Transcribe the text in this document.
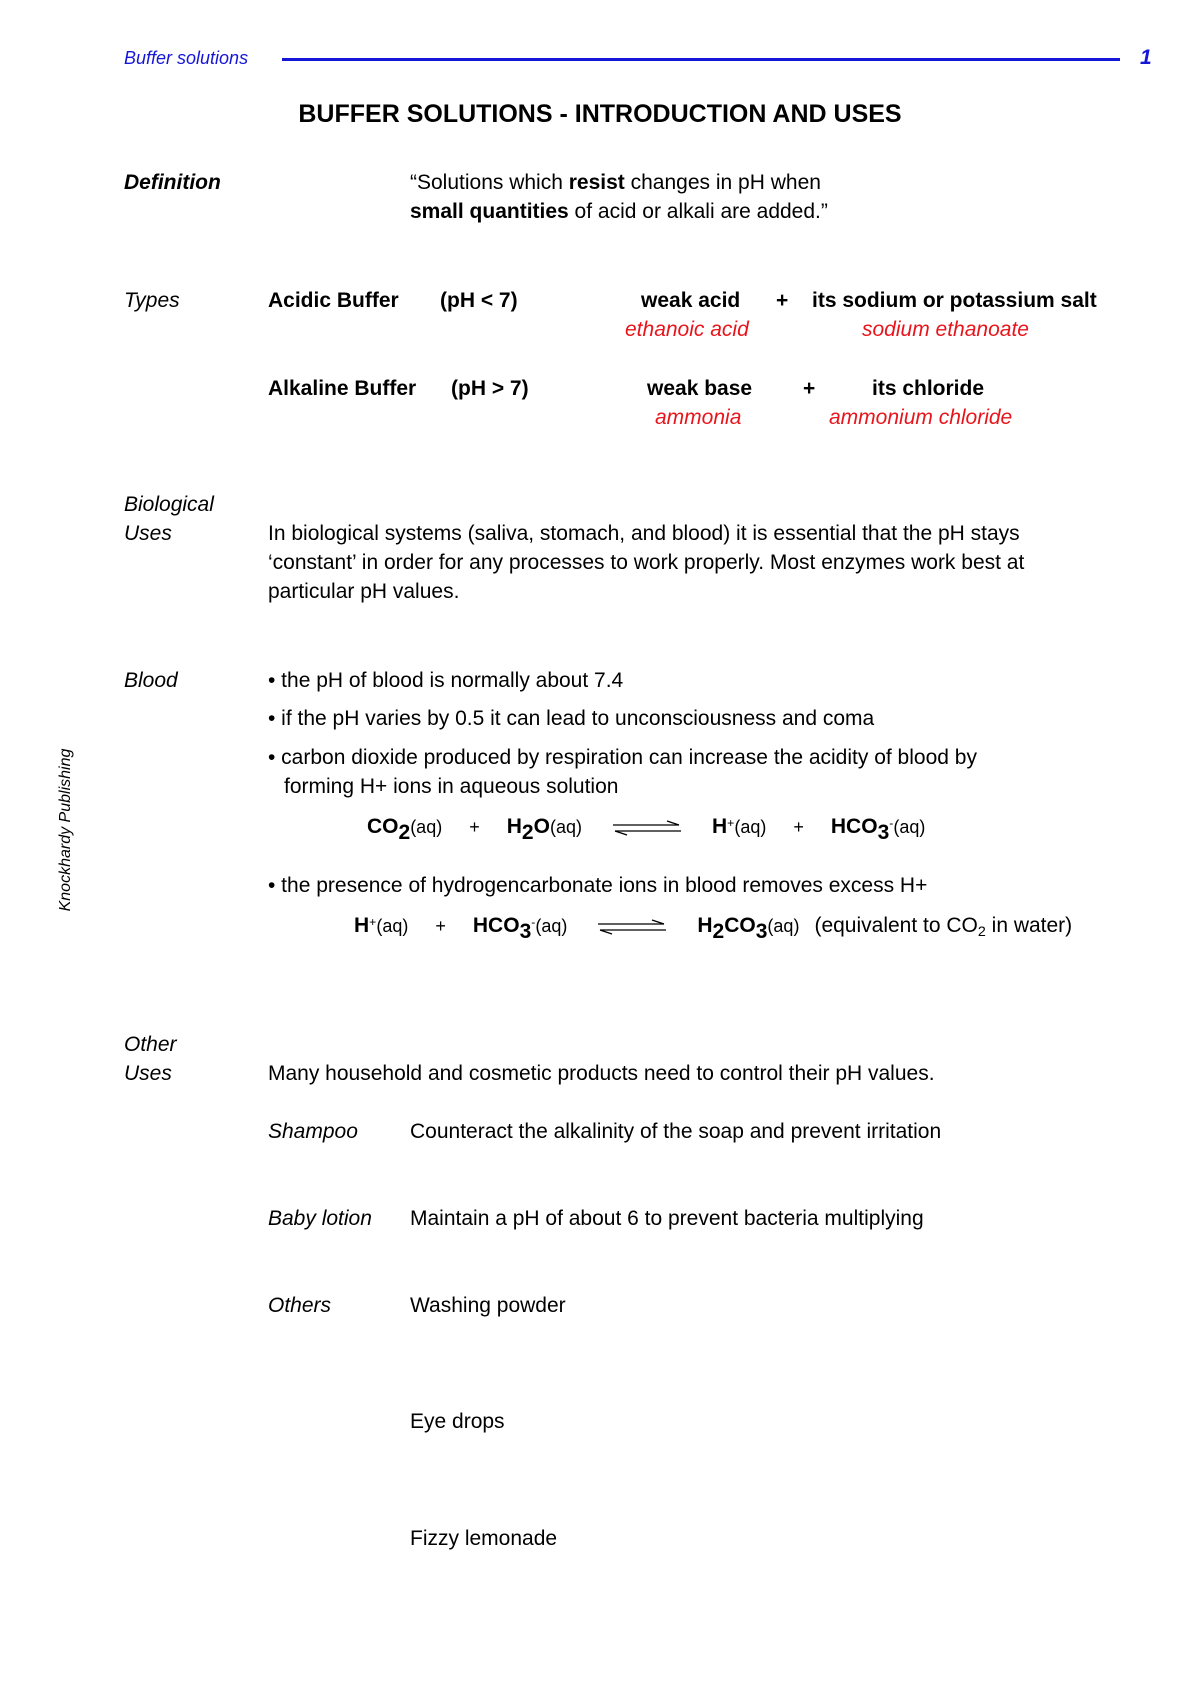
Buffer solutions	1
Knockhardy Publishing
BUFFER SOLUTIONS - INTRODUCTION AND USES
Definition	“Solutions which resist changes in pH when
small quantities of acid or alkali are added.”
Types	Acidic Buffer (pH < 7)	weak acid + its sodium or potassium salt
ethanoic acid	sodium ethanoate
Alkaline Buffer (pH > 7)	weak base +	its chloride
ammonia	ammonium chloride
Biological
Uses	In biological systems (saliva, stomach, and blood) it is essential that the pH stays
‘constant’ in order for any processes to work properly. Most enzymes work best at
particular pH values.
Blood	• the pH of blood is normally about 7.4
• if the pH varies by 0.5 it can lead to unconsciousness and coma
• carbon dioxide produced by respiration can increase the acidity of blood by
forming H+ ions in aqueous solution
CO2(aq) + H2O(aq)	H+(aq) + HCO3-(aq)
• the presence of hydrogencarbonate ions in blood removes excess H+
H+(aq) + HCO3-(aq)	H2CO3(aq) (equivalent to $CO_2$ in water)
Other
Uses	Many household and cosmetic products need to control their pH values.
Shampoo Counteract the alkalinity of the soap and prevent irritation
Baby lotion Maintain a pH of about 6 to prevent bacteria multiplying
Others	Washing powder
Eye drops
Fizzy lemonade
